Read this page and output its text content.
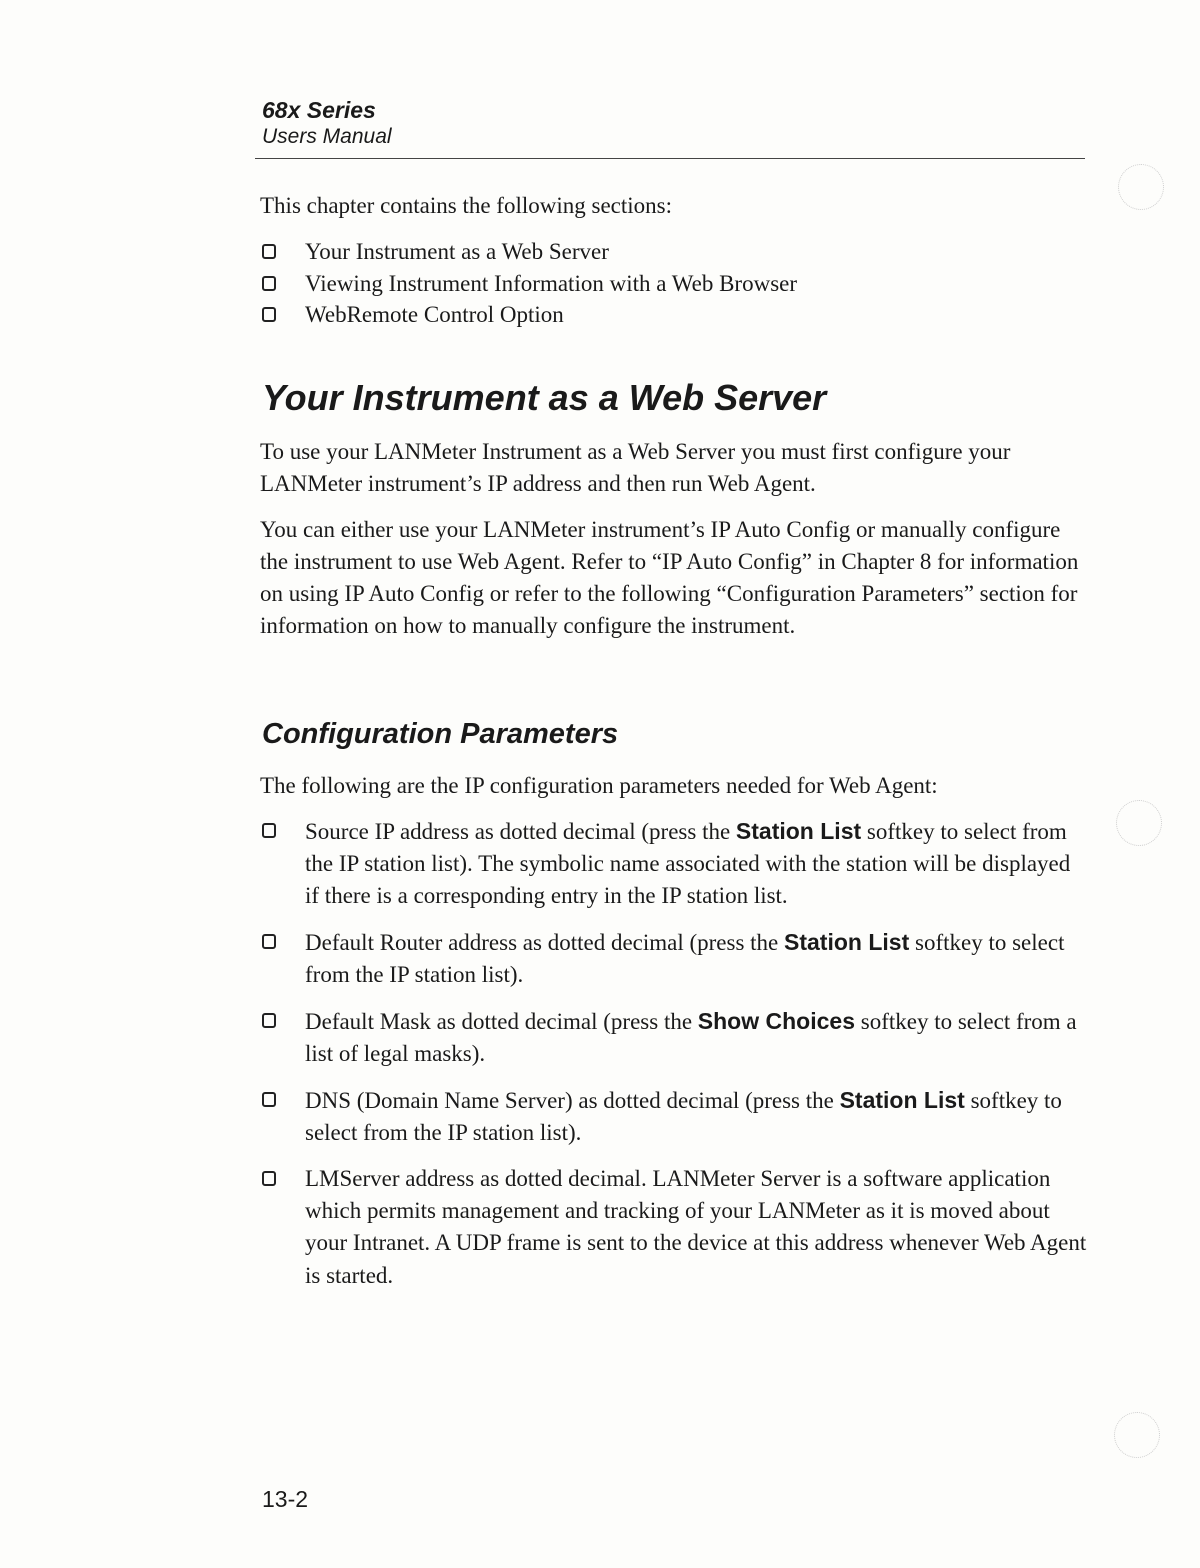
68x Series
Users Manual

This chapter contains the following sections:

Your Instrument as a Web Server
Viewing Instrument Information with a Web Browser
WebRemote Control Option
Your Instrument as a Web Server

To use your LANMeter Instrument as a Web Server you must first configure your LANMeter instrument’s IP address and then run Web Agent.

You can either use your LANMeter instrument’s IP Auto Config or manually configure the instrument to use Web Agent. Refer to “IP Auto Config” in Chapter 8 for information on using IP Auto Config or refer to the following “Configuration Parameters” section for information on how to manually configure the instrument.

Configuration Parameters

The following are the IP configuration parameters needed for Web Agent:

Source IP address as dotted decimal (press the Station List softkey to select from the IP station list). The symbolic name associated with the station will be displayed if there is a corresponding entry in the IP station list.
Default Router address as dotted decimal (press the Station List softkey to select from the IP station list).
Default Mask as dotted decimal (press the Show Choices softkey to select from a list of legal masks).
DNS (Domain Name Server) as dotted decimal (press the Station List softkey to select from the IP station list).
LMServer address as dotted decimal. LANMeter Server is a software application which permits management and tracking of your LANMeter as it is moved about your Intranet. A UDP frame is sent to the device at this address whenever Web Agent is started.
13-2
